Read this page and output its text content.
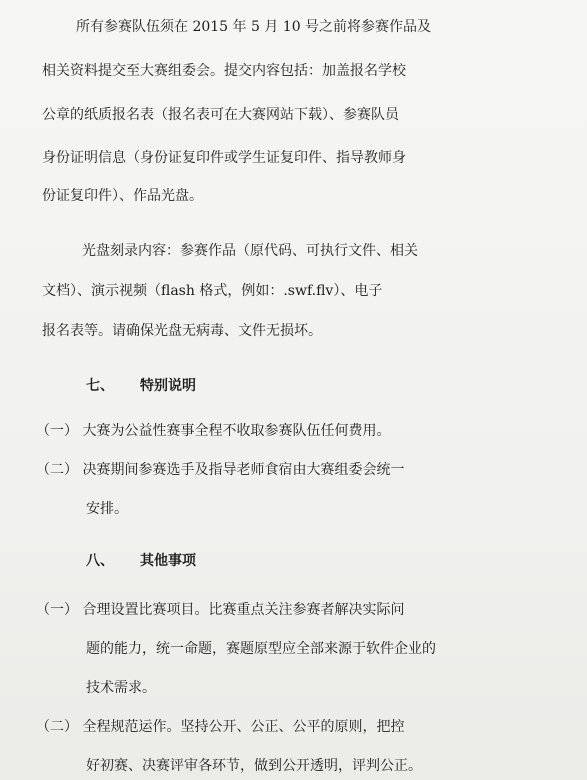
所有参赛队伍须在 2015 年 5 月 10 号之前将参赛作品及
相关资料提交至大赛组委会。提交内容包括：加盖报名学校
公章的纸质报名表（报名表可在大赛网站下载）、参赛队员
身份证明信息（身份证复印件或学生证复印件、指导教师身
份证复印件）、作品光盘。
光盘刻录内容：参赛作品（原代码、可执行文件、相关
文档）、演示视频（flash 格式，例如：.swf.flv）、电子
报名表等。请确保光盘无病毒、文件无损坏。
七、 特别说明
（一） 大赛为公益性赛事全程不收取参赛队伍任何费用。
（二） 决赛期间参赛选手及指导老师食宿由大赛组委会统一
安排。
八、 其他事项
（一） 合理设置比赛项目。比赛重点关注参赛者解决实际问
题的能力，统一命题，赛题原型应全部来源于软件企业的
技术需求。
（二） 全程规范运作。坚持公开、公正、公平的原则，把控
好初赛、决赛评审各环节，做到公开透明，评判公正。
